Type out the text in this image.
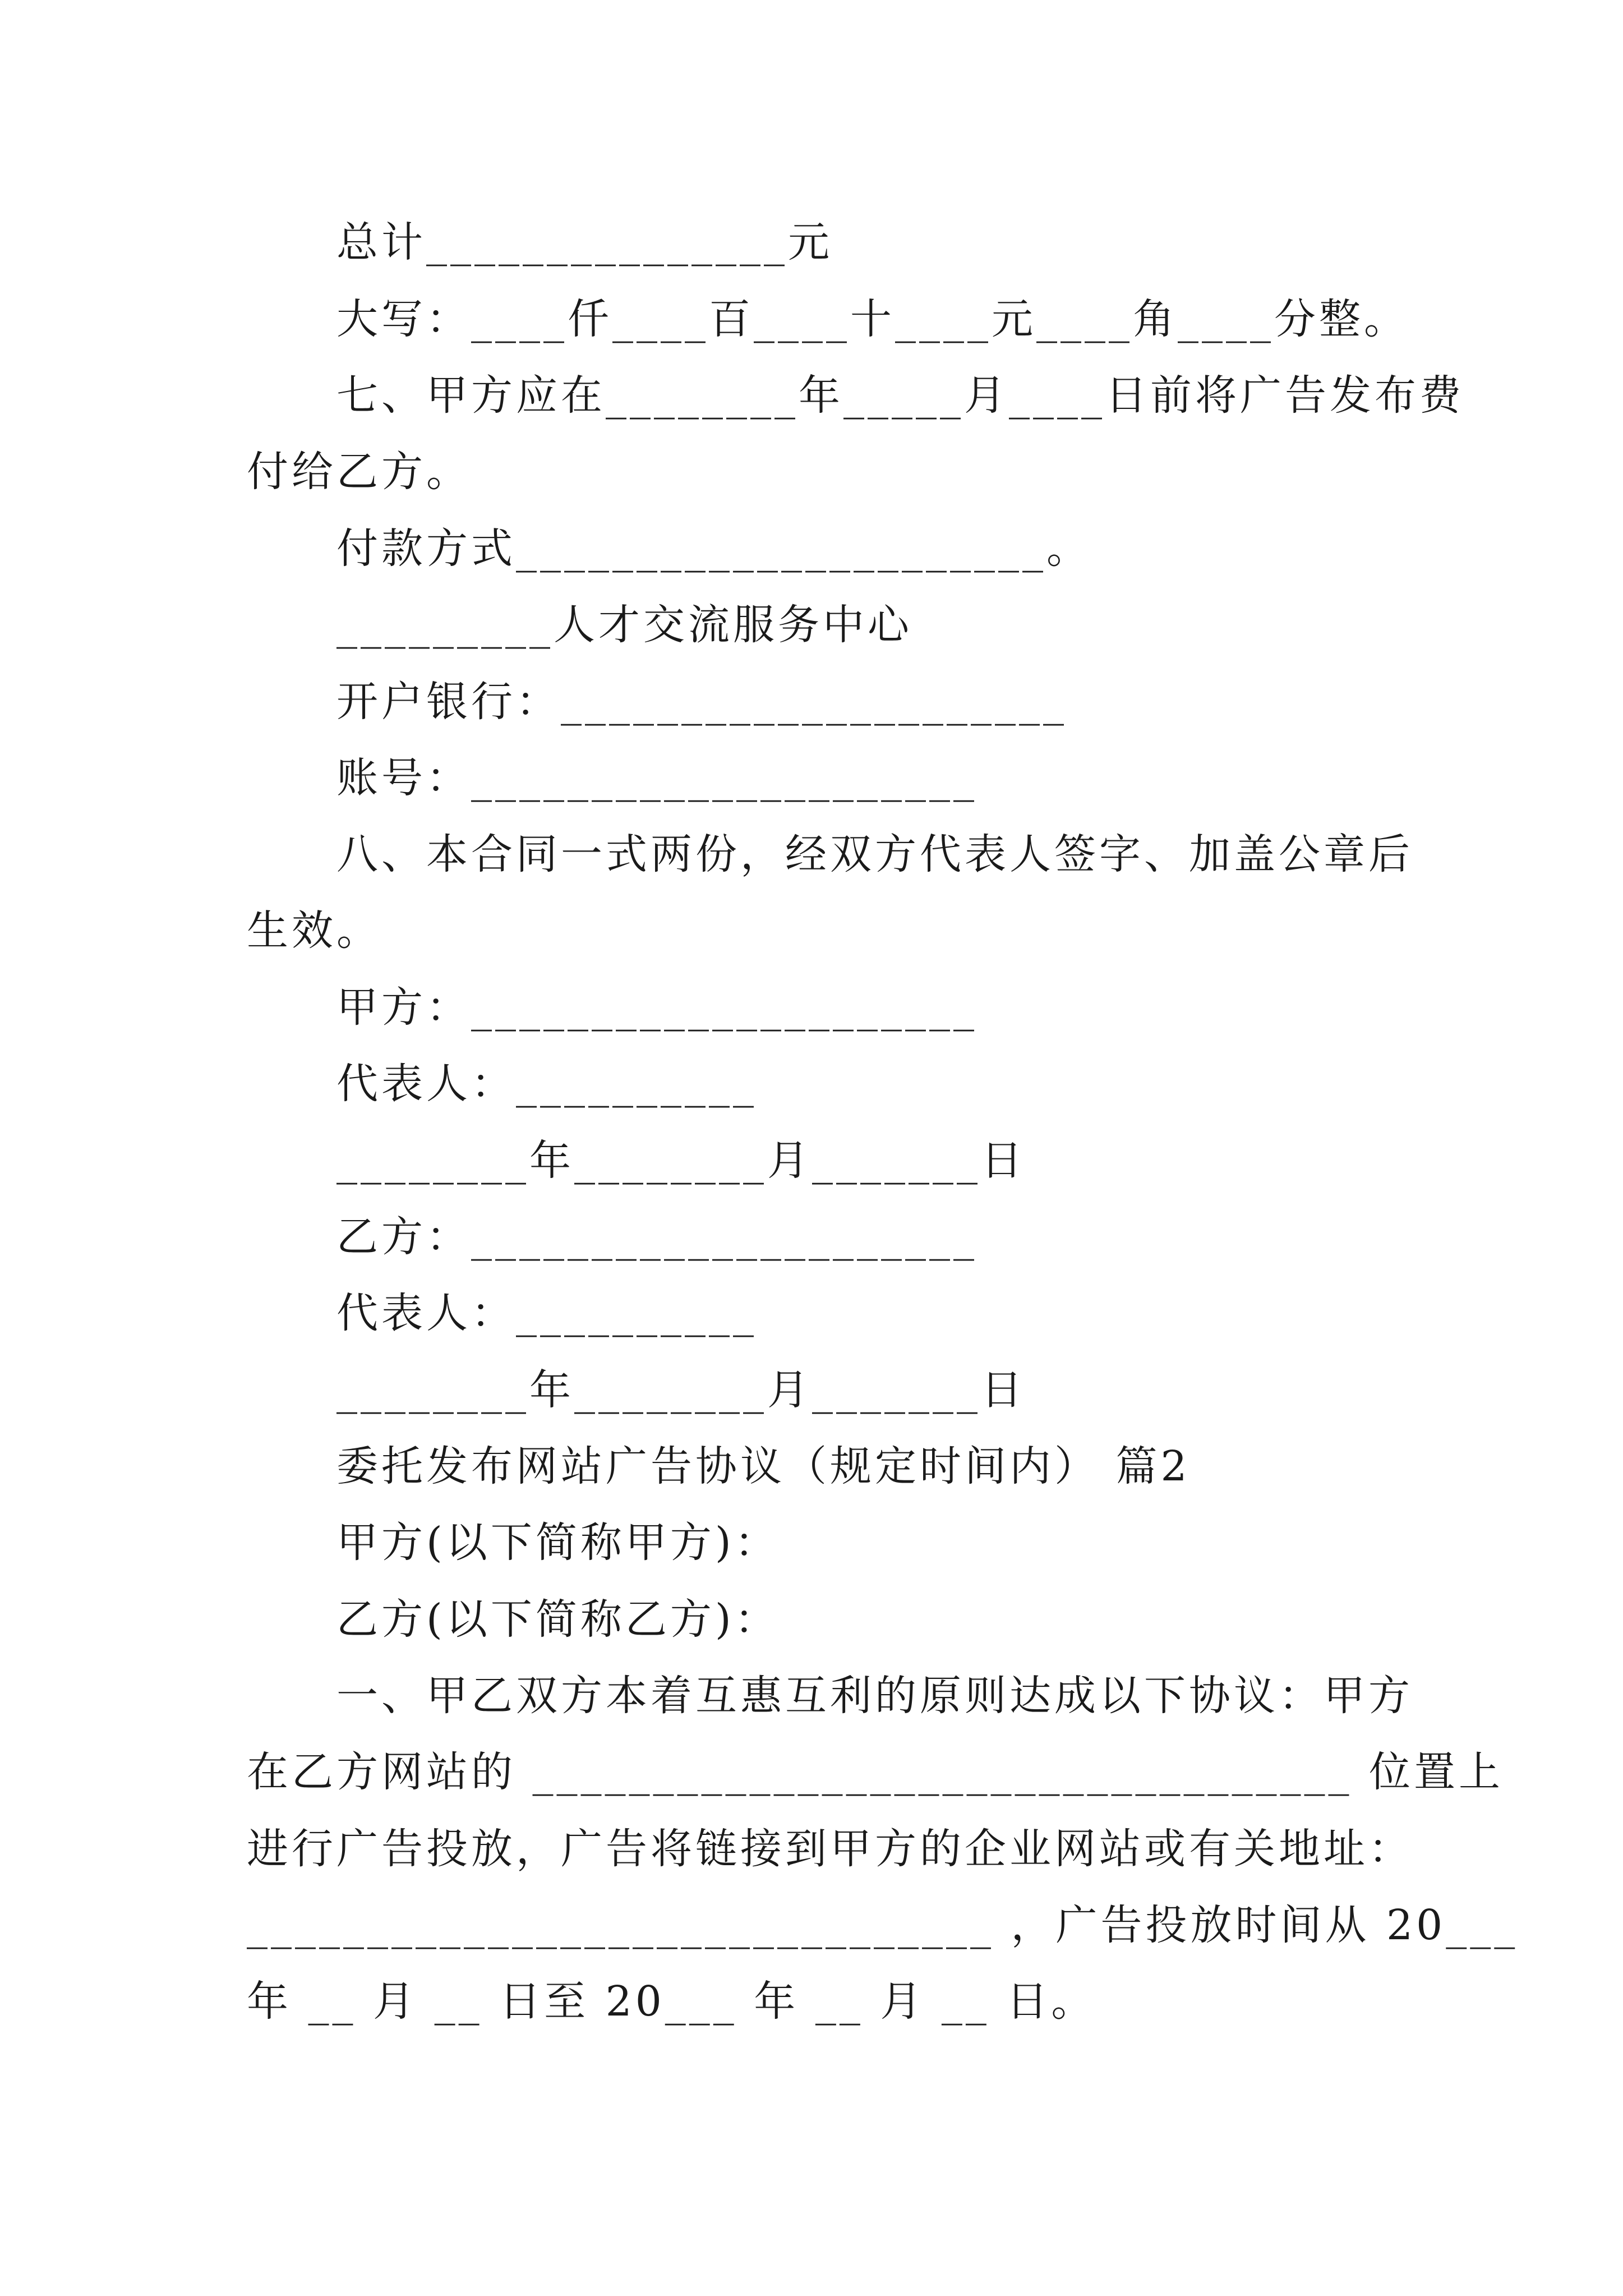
总计_______________元
大写：____仟____百____十____元____角____分整。
七、甲方应在________年_____月____日前将广告发布费
付给乙方。
付款方式______________________。
_________人才交流服务中心
开户银行：_____________________
账号：_____________________
八、本合同一式两份，经双方代表人签字、加盖公章后
生效。
甲方：_____________________
代表人：__________
________年________月_______日
乙方：_____________________
代表人：__________
________年________月_______日
委托发布网站广告协议（规定时间内） 篇2
甲方(以下简称甲方)：
乙方(以下简称乙方)：
一、甲乙双方本着互惠互利的原则达成以下协议：甲方
在乙方网站的 __________________________________ 位置上
进行广告投放，广告将链接到甲方的企业网站或有关地址：
_______________________________ ，广告投放时间从 20___
年 __ 月 __ 日至 20___ 年 __ 月 __ 日。
